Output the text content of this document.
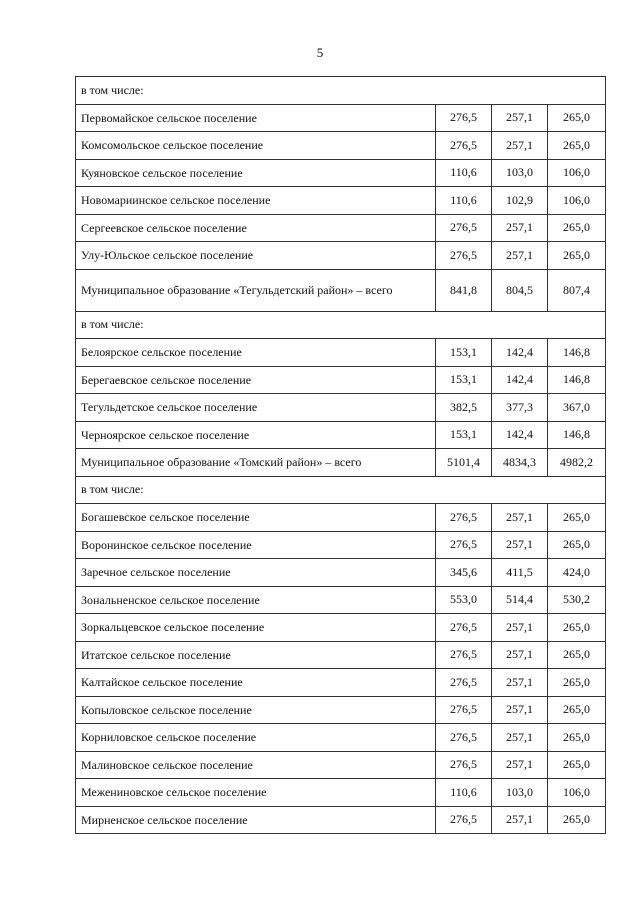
5
в том числе:			
Первомайское сельское поселение	276,5	257,1	265,0
Комсомольское сельское поселение	276,5	257,1	265,0
Куяновское сельское поселение	110,6	103,0	106,0
Новомариинское сельское поселение	110,6	102,9	106,0
Сергеевское сельское поселение	276,5	257,1	265,0
Улу-Юльское сельское поселение	276,5	257,1	265,0
Муниципальное образование «Тегульдетский район» – всего	841,8	804,5	807,4
в том числе:			
Белоярское сельское поселение	153,1	142,4	146,8
Берегаевское сельское поселение	153,1	142,4	146,8
Тегульдетское сельское поселение	382,5	377,3	367,0
Черноярское сельское поселение	153,1	142,4	146,8
Муниципальное образование «Томский район» – всего	5101,4	4834,3	4982,2
в том числе:			
Богашевское сельское поселение	276,5	257,1	265,0
Воронинское сельское поселение	276,5	257,1	265,0
Заречное сельское поселение	345,6	411,5	424,0
Зональненское сельское поселение	553,0	514,4	530,2
Зоркальцевское сельское поселение	276,5	257,1	265,0
Итатское сельское поселение	276,5	257,1	265,0
Калтайское сельское поселение	276,5	257,1	265,0
Копыловское сельское поселение	276,5	257,1	265,0
Корниловское сельское поселение	276,5	257,1	265,0
Малиновское сельское поселение	276,5	257,1	265,0
Межениновское сельское поселение	110,6	103,0	106,0
Мирненское сельское поселение	276,5	257,1	265,0
